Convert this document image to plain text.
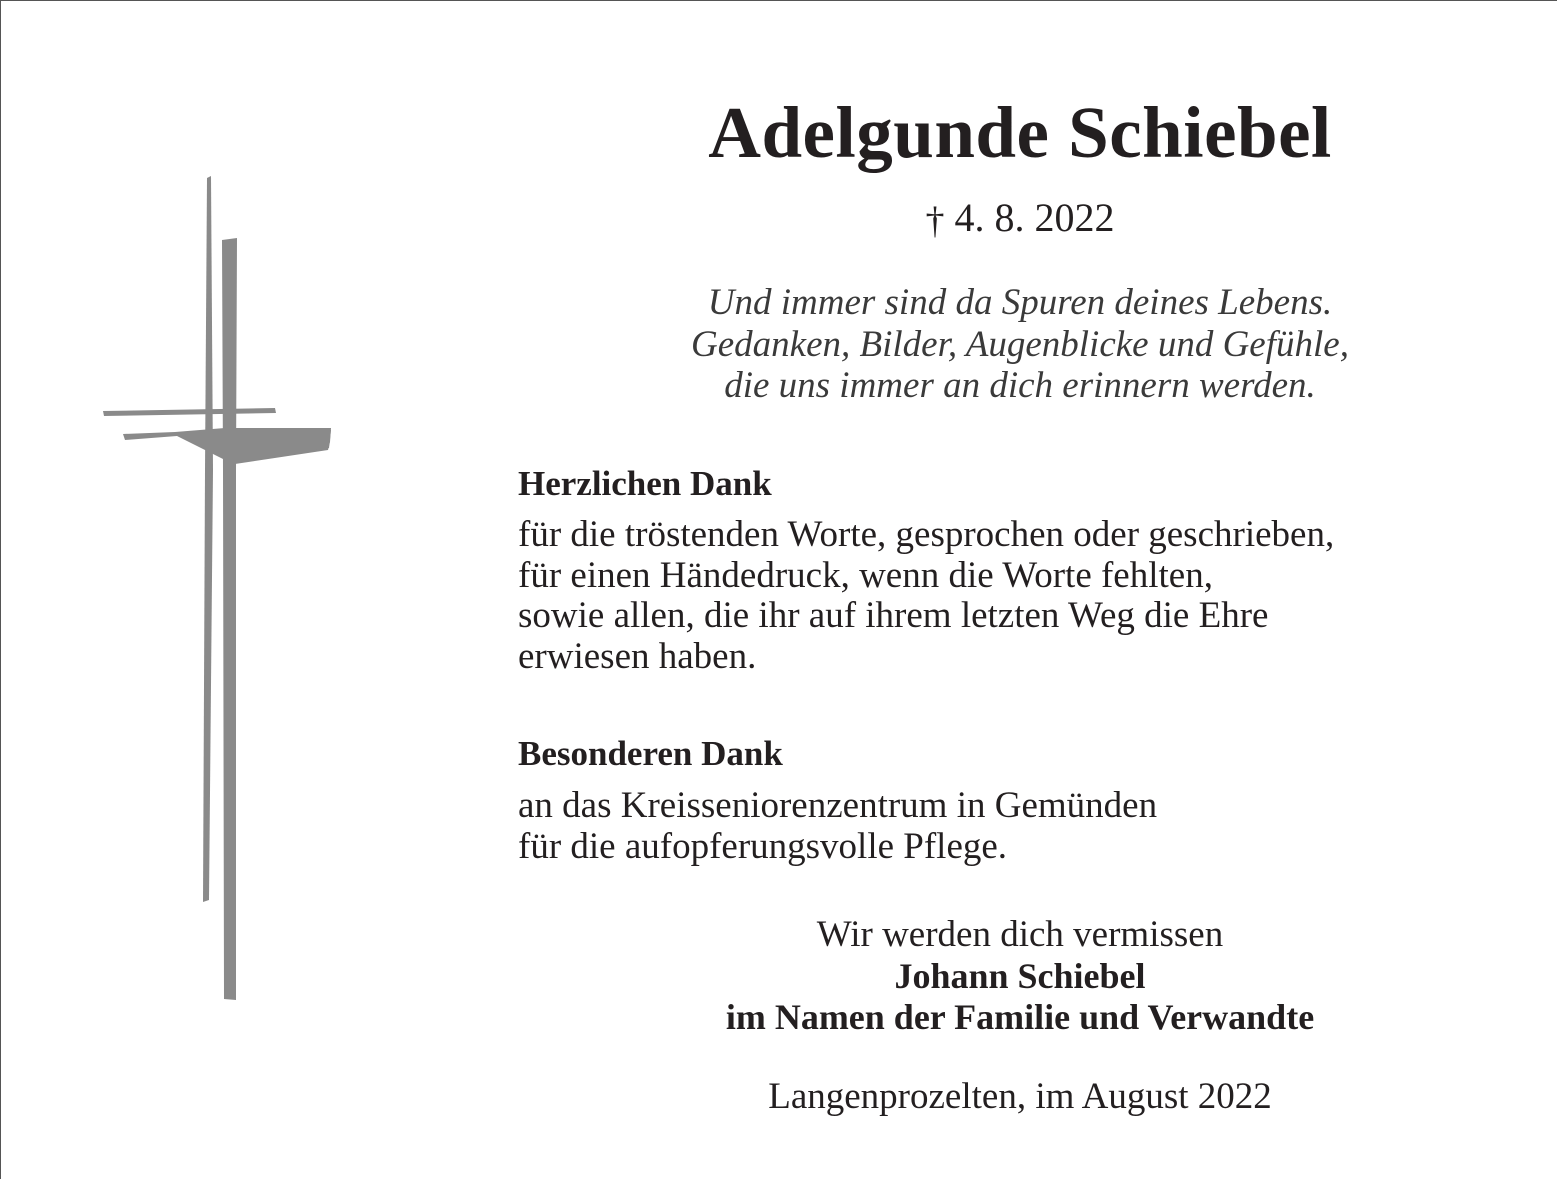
Adelgunde Schiebel
† 4. 8. 2022
Und immer sind da Spuren deines Lebens.
Gedanken, Bilder, Augenblicke und Gefühle,
die uns immer an dich erinnern werden.
Herzlichen Dank
für die tröstenden Worte, gesprochen oder geschrieben,
für einen Händedruck, wenn die Worte fehlten,
sowie allen, die ihr auf ihrem letzten Weg die Ehre
erwiesen haben.
Besonderen Dank
an das Kreisseniorenzentrum in Gemünden
für die aufopferungsvolle Pflege.
Wir werden dich vermissen
Johann Schiebel
im Namen der Familie und Verwandte
Langenprozelten, im August 2022
